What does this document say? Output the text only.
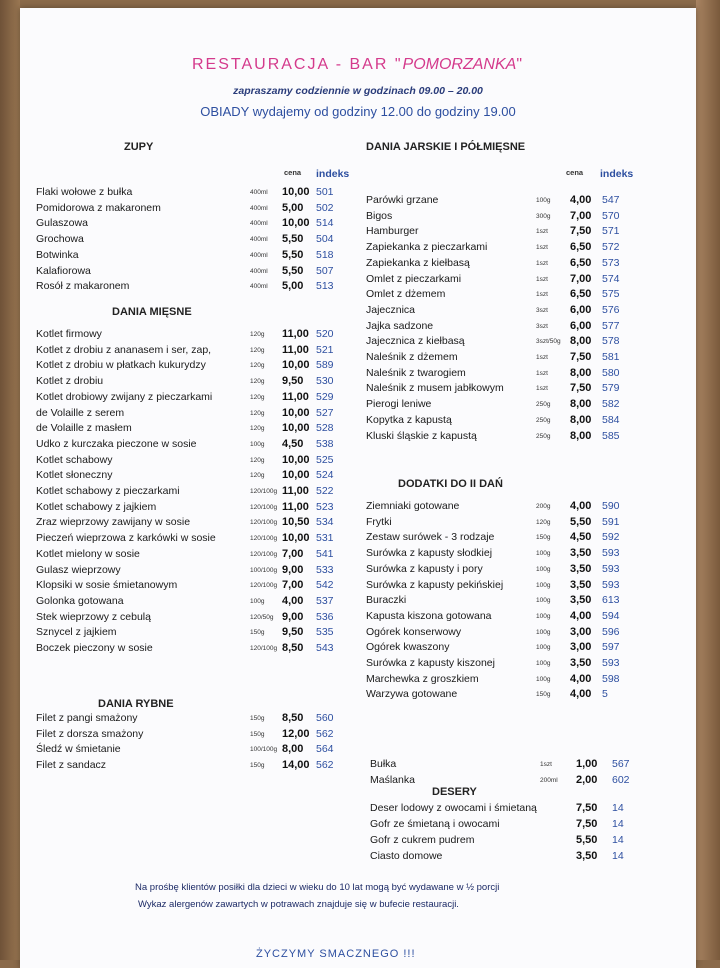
RESTAURACJA - BAR "POMORZANKA"
zapraszamy codziennie w godzinach 09.00 – 20.00
OBIADY wydajemy od godziny 12.00 do godziny 19.00
ZUPY
cena indeks
Flaki wołowe z bułka	400ml 10,00 501
Pomidorowa z makaronem	400ml 5,00 502
Gulaszowa	400ml 10,00 514
Grochowa	400ml 5,50 504
Botwinka	400ml 5,50 518
Kalafiorowa	400ml 5,50 507
Rosół z makaronem	400ml 5,00 513
DANIA MIĘSNE
Kotlet firmowy	120g 11,00 520
Kotlet z drobiu z ananasem i ser, zap,	120g 11,00 521
Kotlet z drobiu w płatkach kukurydzy	120g 10,00 589
Kotlet z drobiu	120g 9,50 530
Kotlet drobiowy zwijany z pieczarkami	120g 11,00 529
de Volaille z serem	120g 10,00 527
de Volaille z masłem	120g 10,00 528
Udko z kurczaka pieczone w sosie	100g 4,50 538
Kotlet schabowy	120g 10,00 525
Kotlet słoneczny	120g 10,00 524
Kotlet schabowy z pieczarkami	120/100g 11,00 522
Kotlet schabowy z jajkiem	120/100g 11,00 523
Zraz wieprzowy zawijany w sosie	120/100g 10,50 534
Pieczeń wieprzowa z karkówki w sosie	120/100g 10,00 531
Kotlet mielony w sosie	120/100g 7,00 541
Gulasz wieprzowy	100/100g 9,00 533
Klopsiki w sosie śmietanowym	120/100g 7,00 542
Golonka gotowana	100g 4,00 537
Stek wieprzowy z cebulą	120/50g 9,00 536
Sznycel z jajkiem	150g 9,50 535
Boczek pieczony w sosie	120/100g 8,50 543
DANIA RYBNE
Filet z pangi smażony	150g 8,50 560
Filet z dorsza smażony	150g 12,00 562
Śledź w śmietanie	100/100g 8,00 564
Filet z sandacz	150g 14,00 562
DANIA JARSKIE I PÓŁMIĘSNE
cena indeks
Parówki grzane	100g 4,00 547
Bigos	300g 7,00 570
Hamburger	1szt 7,50 571
Zapiekanka z pieczarkami	1szt 6,50 572
Zapiekanka z kiełbasą	1szt 6,50 573
Omlet z pieczarkami	1szt 7,00 574
Omlet z dżemem	1szt 6,50 575
Jajecznica	3szt 6,00 576
Jajka sadzone	3szt 6,00 577
Jajecznica z kiełbasą	3szt/50g 8,00 578
Naleśnik z dżemem	1szt 7,50 581
Naleśnik z twarogiem	1szt 8,00 580
Naleśnik z musem jabłkowym	1szt 7,50 579
Pierogi leniwe	250g 8,00 582
Kopytka z kapustą	250g 8,00 584
Kluski śląskie z kapustą	250g 8,00 585
DODATKI DO II DAŃ
Ziemniaki gotowane	200g 4,00 590
Frytki	120g 5,50 591
Zestaw surówek - 3 rodzaje	150g 4,50 592
Surówka z kapusty słodkiej	100g 3,50 593
Surówka z kapusty i pory	100g 3,50 593
Surówka z kapusty pekińskiej	100g 3,50 593
Buraczki	100g 3,50 613
Kapusta kiszona gotowana	100g 4,00 594
Ogórek konserwowy	100g 3,00 596
Ogórek kwaszony	100g 3,00 597
Surówka z kapusty kiszonej	100g 3,50 593
Marchewka z groszkiem	100g 4,00 598
Warzywa gotowane	150g 4,00 5
Bułka	1szt 1,00 567
Maślanka	200ml 2,00 602
DESERY
Deser lodowy z owocami i śmietaną	7,50 14
Gofr ze śmietaną i owocami	7,50 14
Gofr z cukrem pudrem	5,50 14
Ciasto domowe	3,50 14
Na prośbę klientów posiłki dla dzieci w wieku do 10 lat mogą być wydawane w ½ porcji
Wykaz alergenów zawartych w potrawach znajduje się w bufecie restauracji.
ŻYCZYMY SMACZNEGO !!!
